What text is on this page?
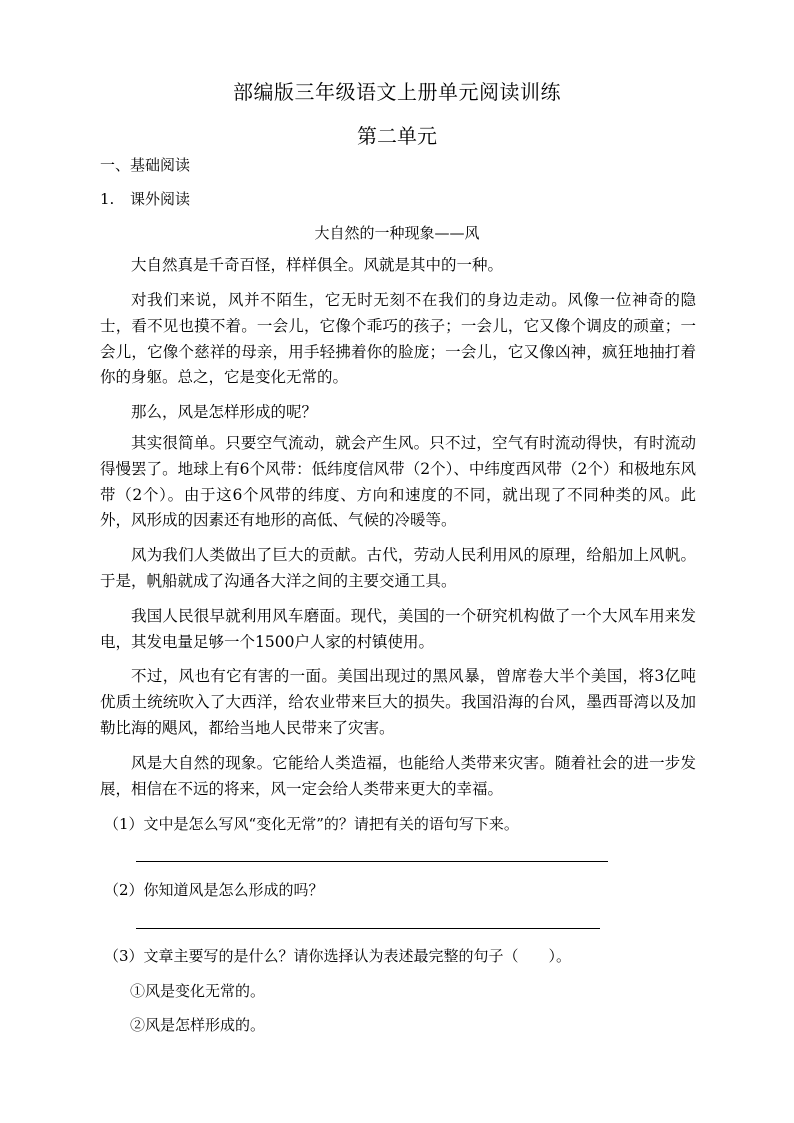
部编版三年级语文上册单元阅读训练
第二单元
一、基础阅读
1. 课外阅读
大自然的一种现象——风

大自然真是千奇百怪，样样俱全。风就是其中的一种。

对我们来说，风并不陌生，它无时无刻不在我们的身边走动。风像一位神奇的隐士，看不见也摸不着。一会儿，它像个乖巧的孩子；一会儿，它又像个调皮的顽童；一会儿，它像个慈祥的母亲，用手轻拂着你的脸庞；一会儿，它又像凶神，疯狂地抽打着你的身躯。总之，它是变化无常的。

那么，风是怎样形成的呢？

其实很简单。只要空气流动，就会产生风。只不过，空气有时流动得快，有时流动得慢罢了。地球上有6个风带：低纬度信风带（2个）、中纬度西风带（2个）和极地东风带（2个）。由于这6个风带的纬度、方向和速度的不同，就出现了不同种类的风。此外，风形成的因素还有地形的高低、气候的冷暖等。

风为我们人类做出了巨大的贡献。古代，劳动人民利用风的原理，给船加上风帆。于是，帆船就成了沟通各大洋之间的主要交通工具。

我国人民很早就利用风车磨面。现代，美国的一个研究机构做了一个大风车用来发电，其发电量足够一个1500户人家的村镇使用。

不过，风也有它有害的一面。美国出现过的黑风暴，曾席卷大半个美国，将3亿吨优质土统统吹入了大西洋，给农业带来巨大的损失。我国沿海的台风，墨西哥湾以及加勒比海的飓风，都给当地人民带来了灾害。

风是大自然的现象。它能给人类造福，也能给人类带来灾害。随着社会的进一步发展，相信在不远的将来，风一定会给人类带来更大的幸福。

（1）文中是怎么写风“变化无常”的？请把有关的语句写下来。
（2）你知道风是怎么形成的吗？
（3）文章主要写的是什么？请你选择认为表述最完整的句子（　　）。
①风是变化无常的。
②风是怎样形成的。
